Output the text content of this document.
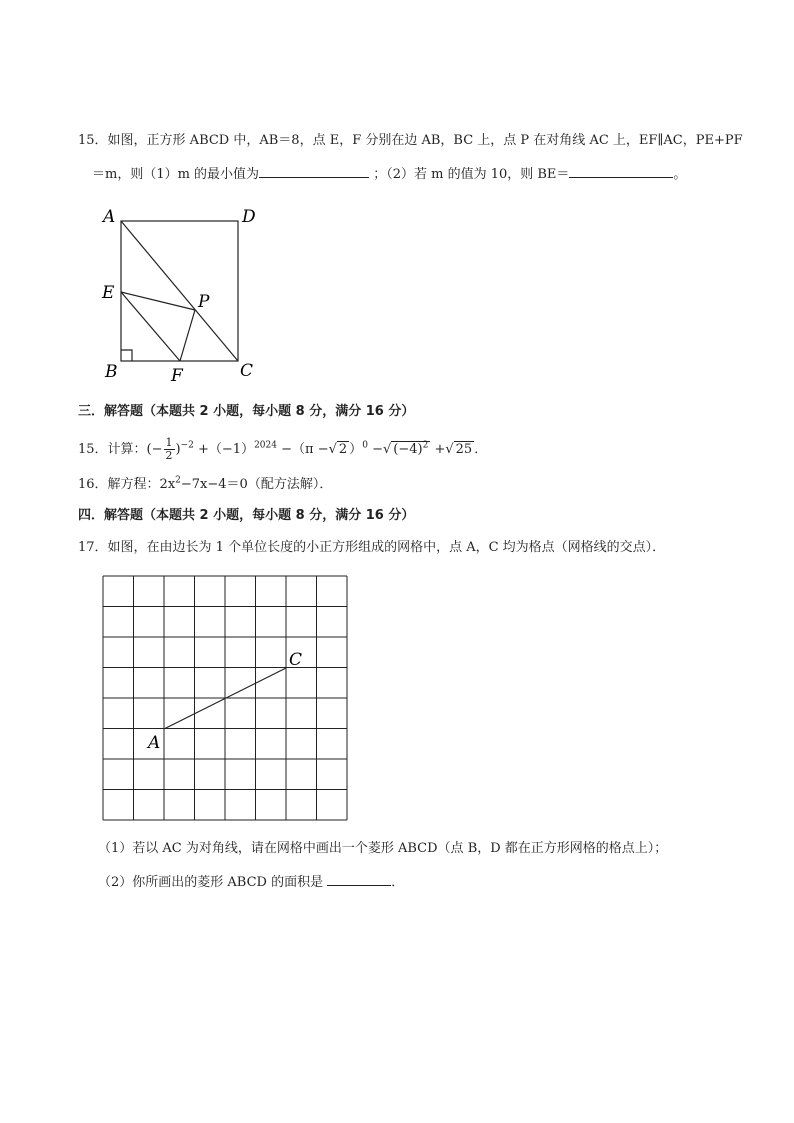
15．如图，正方形 ABCD 中，AB＝8，点 E，F 分别在边 AB，BC 上，点 P 在对角线 AC 上，EF∥AC，PE+PF
＝m，则（1）m 的最小值为	；（2）若 m 的值为 10，则 BE＝	。
A	D
E	P
B	F	C
三．解答题（本题共 2 小题，每小题 8 分，满分 16 分）
15．计算：(− $\frac{1}{2} )^{-2} +(-1)^{2024} -(\pi$ −√ 2 ）$^0$ −√ $(-4)^2$ +√ 25 ．
16．解方程：$2x^2-7x-4=0$（配方法解）．
四．解答题（本题共 2 小题，每小题 8 分，满分 16 分）
17．如图，在由边长为 1 个单位长度的小正方形组成的网格中，点 A，C 均为格点（网格线的交点）．
A
C
（1）若以 AC 为对角线，请在网格中画出一个菱形 ABCD（点 B，D 都在正方形网格的格点上）；
（2）你所画出的菱形 ABCD 的面积是	．
